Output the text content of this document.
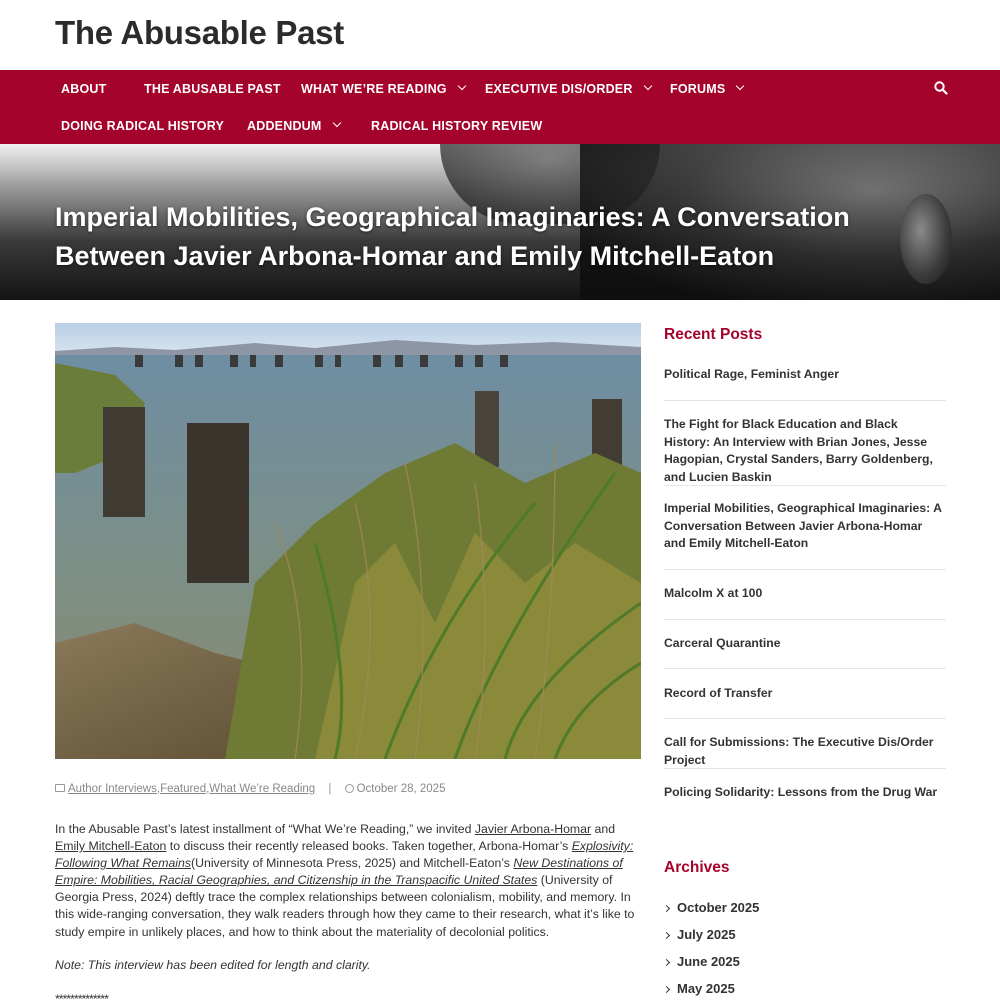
The Abusable Past
ABOUT	THE ABUSABLE PAST WHAT WE’RE READING	EXECUTIVE DIS/ORDER	FORUMS
DOING RADICAL HISTORY ADDENDUM	RADICAL HISTORY REVIEW
Imperial Mobilities, Geographical Imaginaries: A Conversation
Between Javier Arbona-Homar and Emily Mitchell-Eaton
Author Interviews,Featured,What We’re Reading | October 28, 2025

In the Abusable Past’s latest installment of “What We’re Reading,” we invited Javier Arbona-Homar and Emily Mitchell-Eaton to discuss their recently released books. Taken together, Arbona-Homar’s Explosivity: Following What Remains(University of Minnesota Press, 2025) and Mitchell-Eaton’s New Destinations of Empire: Mobilities, Racial Geographies, and Citizenship in the Transpacific United States (University of Georgia Press, 2024) deftly trace the complex relationships between colonialism, mobility, and memory. In this wide-ranging conversation, they walk readers through how they came to their research, what it’s like to study empire in unlikely places, and how to think about the materiality of decolonial politics.

Note: This interview has been edited for length and clarity.
**************
Recent Posts
Political Rage, Feminist Anger
The Fight for Black Education and Black History: An Interview with Brian Jones, Jesse Hagopian, Crystal Sanders, Barry Goldenberg, and Lucien Baskin
Imperial Mobilities, Geographical Imaginaries: A Conversation Between Javier Arbona-Homar and Emily Mitchell-Eaton
Malcolm X at 100
Carceral Quarantine
Record of Transfer
Call for Submissions: The Executive Dis/Order Project
Policing Solidarity: Lessons from the Drug War
Archives
October 2025
July 2025
June 2025
May 2025
